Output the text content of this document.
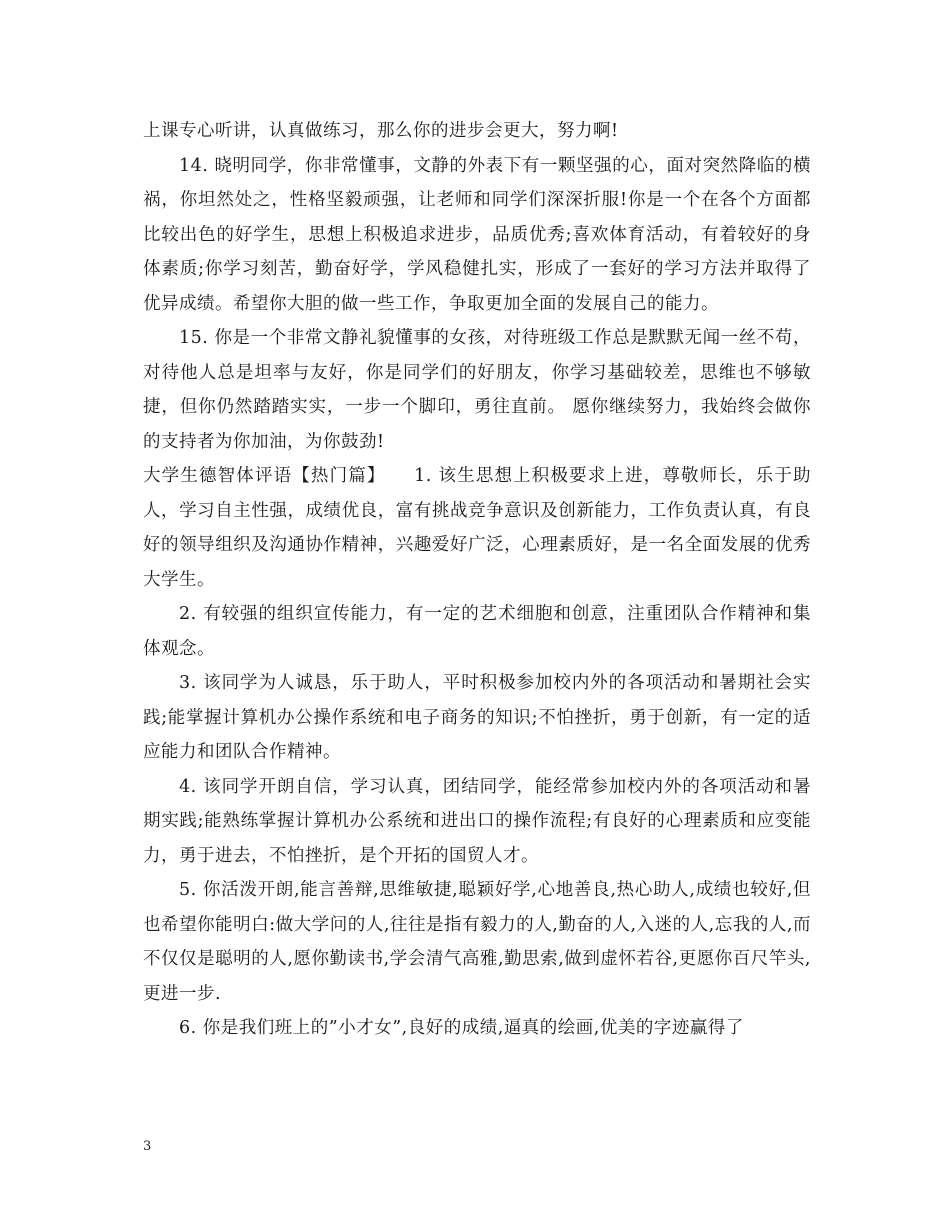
上课专心听讲，认真做练习，那么你的进步会更大，努力啊!

14. 晓明同学，你非常懂事，文静的外表下有一颗坚强的心，面对突然降临的横祸，你坦然处之，性格坚毅顽强，让老师和同学们深深折服!你是一个在各个方面都比较出色的好学生，思想上积极追求进步，品质优秀;喜欢体育活动，有着较好的身体素质;你学习刻苦，勤奋好学，学风稳健扎实，形成了一套好的学习方法并取得了优异成绩。希望你大胆的做一些工作，争取更加全面的发展自己的能力。

15. 你是一个非常文静礼貌懂事的女孩，对待班级工作总是默默无闻一丝不苟，对待他人总是坦率与友好，你是同学们的好朋友，你学习基础较差，思维也不够敏捷，但你仍然踏踏实实，一步一个脚印，勇往直前。 愿你继续努力，我始终会做你的支持者为你加油，为你鼓劲!

大学生德智体评语【热门篇】　　1. 该生思想上积极要求上进，尊敬师长，乐于助人，学习自主性强，成绩优良，富有挑战竞争意识及创新能力，工作负责认真，有良好的领导组织及沟通协作精神，兴趣爱好广泛，心理素质好，是一名全面发展的优秀大学生。

2. 有较强的组织宣传能力，有一定的艺术细胞和创意，注重团队合作精神和集体观念。

3. 该同学为人诚恳，乐于助人，平时积极参加校内外的各项活动和暑期社会实践;能掌握计算机办公操作系统和电子商务的知识;不怕挫折，勇于创新，有一定的适应能力和团队合作精神。

4. 该同学开朗自信，学习认真，团结同学，能经常参加校内外的各项活动和暑期实践;能熟练掌握计算机办公系统和进出口的操作流程;有良好的心理素质和应变能力，勇于进去，不怕挫折，是个开拓的国贸人才。

5. 你活泼开朗,能言善辩,思维敏捷,聪颖好学,心地善良,热心助人,成绩也较好,但也希望你能明白:做大学问的人,往往是指有毅力的人,勤奋的人,入迷的人,忘我的人,而不仅仅是聪明的人,愿你勤读书,学会清气高雅,勤思索,做到虚怀若谷,更愿你百尺竿头,更进一步.

6. 你是我们班上的”小才女”,良好的成绩,逼真的绘画,优美的字迹赢得了

3
